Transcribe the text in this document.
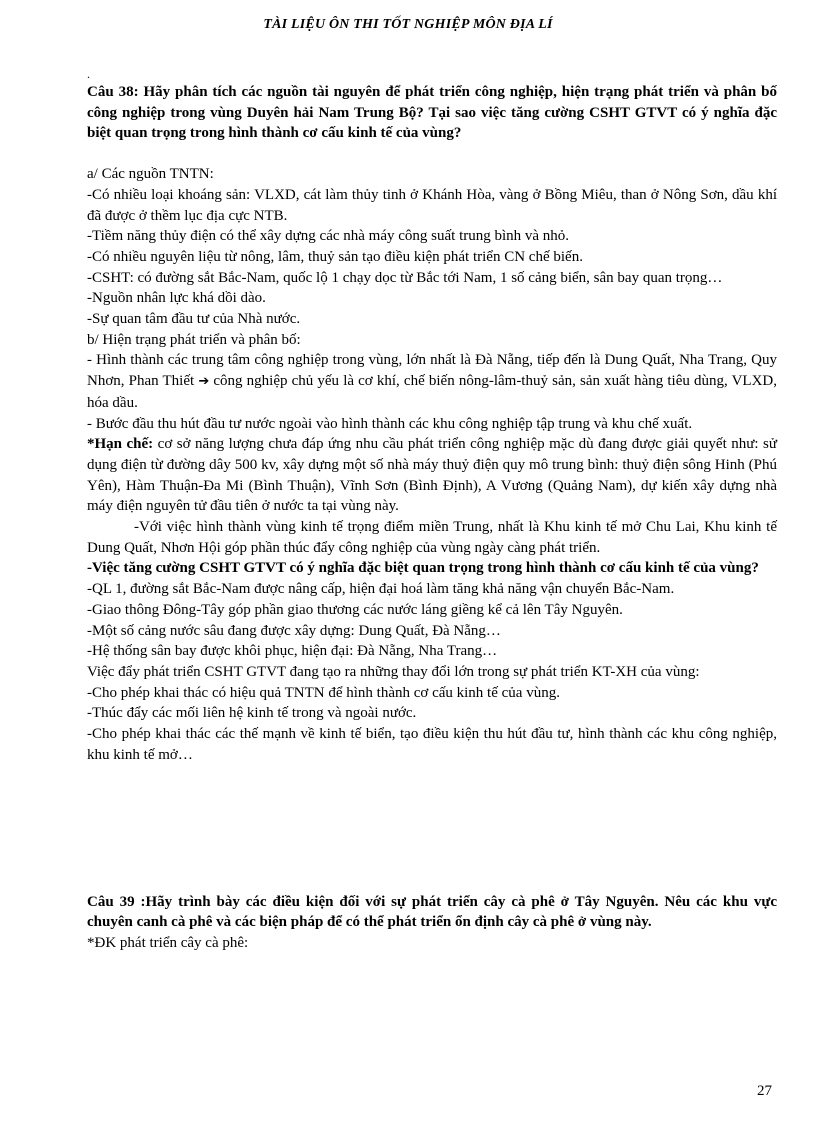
TÀI LIỆU ÔN THI TỐT NGHIỆP MÔN ĐỊA LÍ

.

Câu 38: Hãy phân tích các nguồn tài nguyên để phát triển công nghiệp, hiện trạng phát triển và phân bố công nghiệp trong vùng Duyên hải Nam Trung Bộ? Tại sao việc tăng cường CSHT GTVT có ý nghĩa đặc biệt quan trọng trong hình thành cơ cấu kinh tế của vùng?

a/ Các nguồn TNTN:

-Có nhiều loại khoáng sản: VLXD, cát làm thủy tinh ở Khánh Hòa, vàng ở Bồng Miêu, than ở Nông Sơn, dầu khí đã được ở thềm lục địa cực NTB.

-Tiềm năng thủy điện có thể xây dựng các nhà máy công suất trung bình và nhỏ.

-Có nhiều nguyên liệu từ nông, lâm, thuỷ sản tạo điều kiện phát triển CN chế biến.

-CSHT: có đường sắt Bắc-Nam, quốc lộ 1 chạy dọc từ Bắc tới Nam, 1 số cảng biển, sân bay quan trọng…

-Nguồn nhân lực khá dồi dào.

-Sự quan tâm đầu tư của Nhà nước.

b/ Hiện trạng phát triển và phân bố:

- Hình thành các trung tâm công nghiệp trong vùng, lớn nhất là Đà Nẵng, tiếp đến là Dung Quất, Nha Trang, Quy Nhơn, Phan Thiết ➔ công nghiệp chủ yếu là cơ khí, chế biến nông-lâm-thuỷ sản, sản xuất hàng tiêu dùng, VLXD, hóa dầu.

- Bước đầu thu hút đầu tư nước ngoài vào hình thành các khu công nghiệp tập trung và khu chế xuất.

*Hạn chế: cơ sở năng lượng chưa đáp ứng nhu cầu phát triển công nghiệp mặc dù đang được giải quyết như: sử dụng điện từ đường dây 500 kv, xây dựng một số nhà máy thuỷ điện quy mô trung bình: thuỷ điện sông Hinh (Phú Yên), Hàm Thuận-Đa Mi (Bình Thuận), Vĩnh Sơn (Bình Định), A Vương (Quảng Nam), dự kiến xây dựng nhà máy điện nguyên tử đầu tiên ở nước ta tại vùng này.

-Với việc hình thành vùng kinh tế trọng điểm miền Trung, nhất là Khu kinh tế mở Chu Lai, Khu kinh tế Dung Quất, Nhơn Hội góp phần thúc đẩy công nghiệp của vùng ngày càng phát triển.

-Việc tăng cường CSHT GTVT có ý nghĩa đặc biệt quan trọng trong hình thành cơ cấu kinh tế của vùng?

-QL 1, đường sắt Bắc-Nam được nâng cấp, hiện đại hoá làm tăng khả năng vận chuyển Bắc-Nam.

-Giao thông Đông-Tây góp phần giao thương các nước láng giềng kể cả lên Tây Nguyên.

-Một số cảng nước sâu đang được xây dựng: Dung Quất, Đà Nẵng…

-Hệ thống sân bay được khôi phục, hiện đại: Đà Nẵng, Nha Trang…

Việc đẩy phát triển CSHT GTVT đang tạo ra những thay đổi lớn trong sự phát triển KT-XH của vùng:

-Cho phép khai thác có hiệu quả TNTN để hình thành cơ cấu kinh tế của vùng.

-Thúc đẩy các mối liên hệ kinh tế trong và ngoài nước.

-Cho phép khai thác các thế mạnh về kinh tế biển, tạo điều kiện thu hút đầu tư, hình thành các khu công nghiệp, khu kinh tế mở…

Câu 39 :Hãy trình bày các điều kiện đối với sự phát triển cây cà phê ở Tây Nguyên. Nêu các khu vực chuyên canh cà phê và các biện pháp để có thể phát triển ổn định cây cà phê ở vùng này.

*ĐK phát triển cây cà phê:

27
